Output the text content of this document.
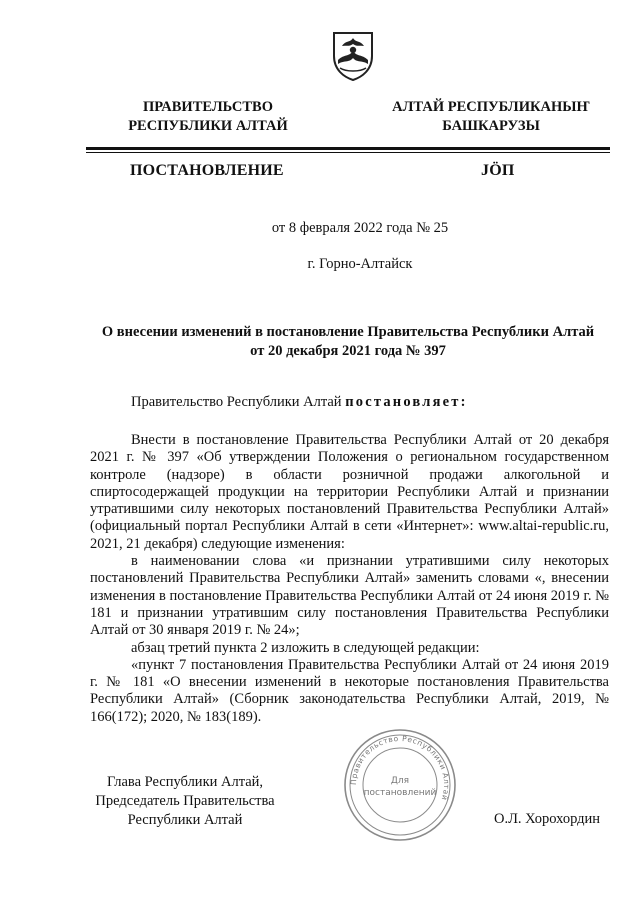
ПРАВИТЕЛЬСТВО
РЕСПУБЛИКИ АЛТАЙ
АЛТАЙ РЕСПУБЛИКАНЫҤ
БАШКАРУЗЫ
ПОСТАНОВЛЕНИЕ	JӦП
от 8 февраля 2022 года № 25
г. Горно-Алтайск
О внесении изменений в постановление Правительства Республики Алтай
от 20 декабря 2021 года № 397
Правительство Республики Алтай постановляет:

Внести в постановление Правительства Республики Алтай от 20 декабря 2021 г. № 397 «Об утверждении Положения о региональном государственном контроле (надзоре) в области розничной продажи алкогольной и спиртосодержащей продукции на территории Республики Алтай и признании утратившими силу некоторых постановлений Правительства Республики Алтай» (официальный портал Республики Алтай в сети «Интернет»: www.altai-republic.ru, 2021, 21 декабря) следующие изменения:

в наименовании слова «и признании утратившими силу некоторых постановлений Правительства Республики Алтай» заменить словами «, внесении изменения в постановление Правительства Республики Алтай от 24 июня 2019 г. № 181 и признании утратившим силу постановления Правительства Республики Алтай от 30 января 2019 г. № 24»;

абзац третий пункта 2 изложить в следующей редакции:

«пункт 7 постановления Правительства Республики Алтай от 24 июня 2019 г. № 181 «О внесении изменений в некоторые постановления Правительства Республики Алтай» (Сборник законодательства Республики Алтай, 2019, № 166(172); 2020, № 183(189).

Глава Республики Алтай,
Председатель Правительства
Республики Алтай	О.Л. Хорохордин
Правительство Республики Алтай
Для
постановлений
